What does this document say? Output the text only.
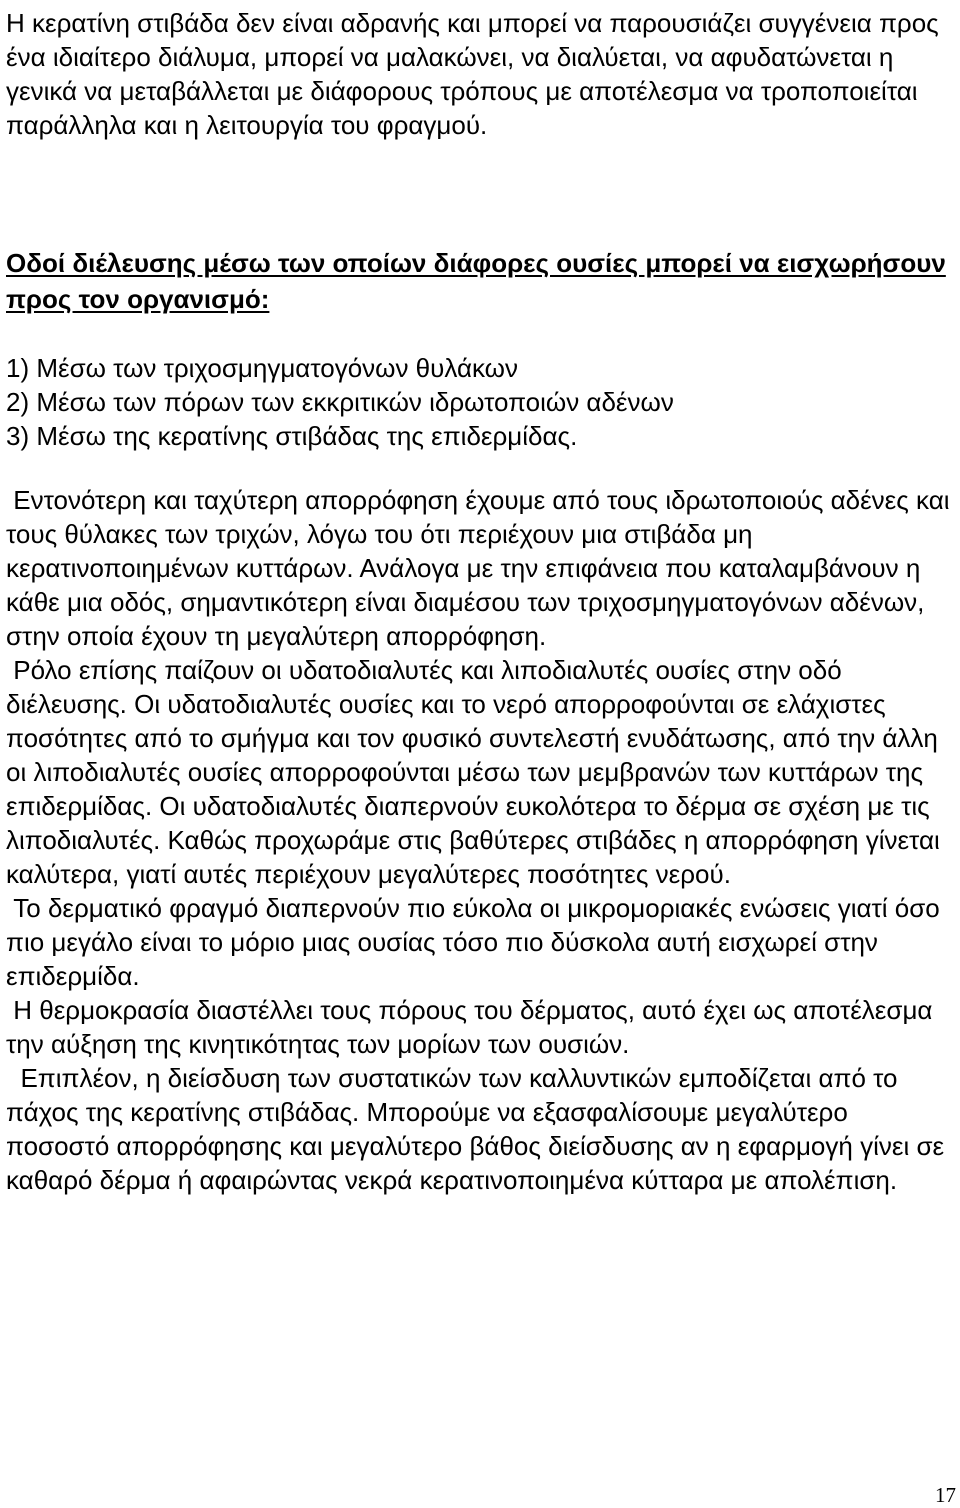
Η κερατίνη στιβάδα δεν είναι αδρανής και μπορεί να παρουσιάζει συγγένεια προς ένα ιδιαίτερο διάλυμα, μπορεί να μαλακώνει, να διαλύεται, να αφυδατώνεται η γενικά να μεταβάλλεται με διάφορους τρόπους με αποτέλεσμα να τροποποιείται παράλληλα και η λειτουργία του φραγμού.

Οδοί διέλευσης μέσω των οποίων διάφορες ουσίες μπορεί να εισχωρήσουν προς τον οργανισμό:

1) Μέσω των τριχοσμηγματογόνων θυλάκων
2) Μέσω των πόρων των εκκριτικών ιδρωτοποιών αδένων
3) Μέσω της κερατίνης στιβάδας της επιδερμίδας.

Εντονότερη και ταχύτερη απορρόφηση έχουμε από τους ιδρωτοποιούς αδένες και τους θύλακες των τριχών, λόγω του ότι περιέχουν μια στιβάδα μη κερατινοποιημένων κυττάρων. Ανάλογα με την επιφάνεια που καταλαμβάνουν η κάθε μια οδός, σημαντικότερη είναι διαμέσου των τριχοσμηγματογόνων αδένων, στην οποία έχουν τη μεγαλύτερη απορρόφηση.

Ρόλο επίσης παίζουν οι υδατοδιαλυτές και λιποδιαλυτές ουσίες στην οδό διέλευσης. Οι υδατοδιαλυτές ουσίες και το νερό απορροφούνται σε ελάχιστες ποσότητες από το σμήγμα και τον φυσικό συντελεστή ενυδάτωσης, από την άλλη οι λιποδιαλυτές ουσίες απορροφούνται μέσω των μεμβρανών των κυττάρων της επιδερμίδας. Οι υδατοδιαλυτές διαπερνούν ευκολότερα το δέρμα σε σχέση με τις λιποδιαλυτές. Καθώς προχωράμε στις βαθύτερες στιβάδες η απορρόφηση γίνεται καλύτερα, γιατί αυτές περιέχουν μεγαλύτερες ποσότητες νερού.

Το δερματικό φραγμό διαπερνούν πιο εύκολα οι μικρομοριακές ενώσεις γιατί όσο πιο μεγάλο είναι το μόριο μιας ουσίας τόσο πιο δύσκολα αυτή εισχωρεί στην επιδερμίδα.

Η θερμοκρασία διαστέλλει τους πόρους του δέρματος, αυτό έχει ως αποτέλεσμα την αύξηση της κινητικότητας των μορίων των ουσιών.

Επιπλέον, η διείσδυση των συστατικών των καλλυντικών εμποδίζεται από το πάχος της κερατίνης στιβάδας. Μπορούμε να εξασφαλίσουμε μεγαλύτερο ποσοστό απορρόφησης και μεγαλύτερο βάθος διείσδυσης αν η εφαρμογή γίνει σε καθαρό δέρμα ή αφαιρώντας νεκρά κερατινοποιημένα κύτταρα με απολέπιση.

17
